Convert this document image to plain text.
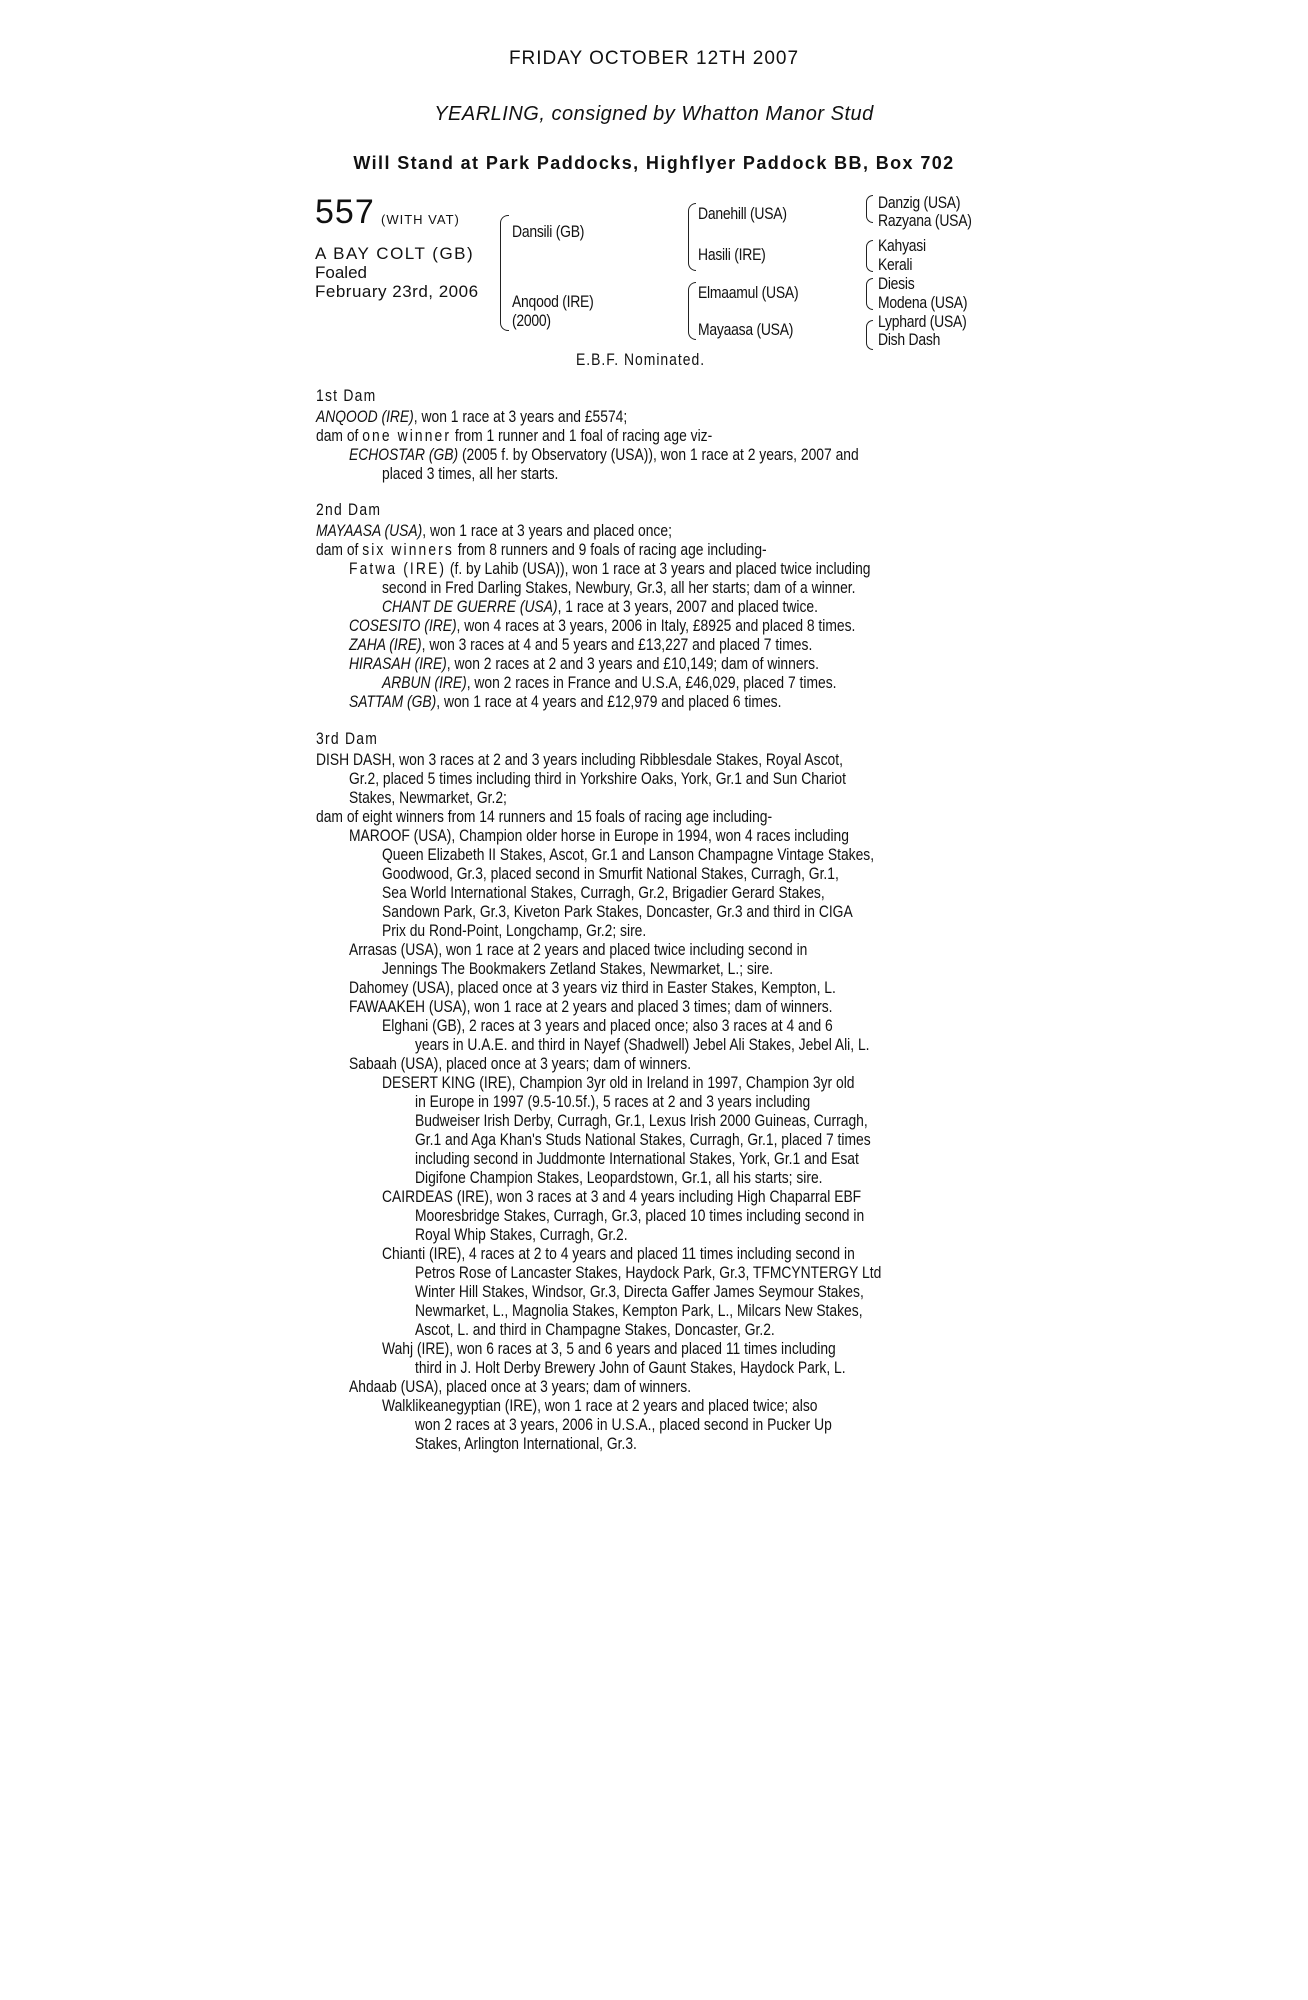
FRIDAY OCTOBER 12TH 2007
YEARLING, consigned by Whatton Manor Stud
Will Stand at Park Paddocks, Highflyer Paddock BB, Box 702
557 (WITH VAT)
A BAY COLT (GB)
Foaled
February 23rd, 2006
Dansili (GB)
Anqood (IRE)
(2000)
Danehill (USA)
Hasili (IRE)
Elmaamul (USA)
Mayaasa (USA)
Danzig (USA)
Razyana (USA)
Kahyasi
Kerali
Diesis
Modena (USA)
Lyphard (USA)
Dish Dash
E.B.F. Nominated.
1st Dam
ANQOOD (IRE), won 1 race at 3 years and £5574;
dam of one winner from 1 runner and 1 foal of racing age viz-
ECHOSTAR (GB) (2005 f. by Observatory (USA)), won 1 race at 2 years, 2007 and
placed 3 times, all her starts.
2nd Dam
MAYAASA (USA), won 1 race at 3 years and placed once;
dam of six winners from 8 runners and 9 foals of racing age including-
Fatwa (IRE) (f. by Lahib (USA)), won 1 race at 3 years and placed twice including
second in Fred Darling Stakes, Newbury, Gr.3, all her starts; dam of a winner.
CHANT DE GUERRE (USA), 1 race at 3 years, 2007 and placed twice.
COSESITO (IRE), won 4 races at 3 years, 2006 in Italy, £8925 and placed 8 times.
ZAHA (IRE), won 3 races at 4 and 5 years and £13,227 and placed 7 times.
HIRASAH (IRE), won 2 races at 2 and 3 years and £10,149; dam of winners.
ARBUN (IRE), won 2 races in France and U.S.A, £46,029, placed 7 times.
SATTAM (GB), won 1 race at 4 years and £12,979 and placed 6 times.
3rd Dam
DISH DASH, won 3 races at 2 and 3 years including Ribblesdale Stakes, Royal Ascot,
Gr.2, placed 5 times including third in Yorkshire Oaks, York, Gr.1 and Sun Chariot
Stakes, Newmarket, Gr.2;
dam of eight winners from 14 runners and 15 foals of racing age including-
MAROOF (USA), Champion older horse in Europe in 1994, won 4 races including
Queen Elizabeth II Stakes, Ascot, Gr.1 and Lanson Champagne Vintage Stakes,
Goodwood, Gr.3, placed second in Smurfit National Stakes, Curragh, Gr.1,
Sea World International Stakes, Curragh, Gr.2, Brigadier Gerard Stakes,
Sandown Park, Gr.3, Kiveton Park Stakes, Doncaster, Gr.3 and third in CIGA
Prix du Rond-Point, Longchamp, Gr.2; sire.
Arrasas (USA), won 1 race at 2 years and placed twice including second in
Jennings The Bookmakers Zetland Stakes, Newmarket, L.; sire.
Dahomey (USA), placed once at 3 years viz third in Easter Stakes, Kempton, L.
FAWAAKEH (USA), won 1 race at 2 years and placed 3 times; dam of winners.
Elghani (GB), 2 races at 3 years and placed once; also 3 races at 4 and 6
years in U.A.E. and third in Nayef (Shadwell) Jebel Ali Stakes, Jebel Ali, L.
Sabaah (USA), placed once at 3 years; dam of winners.
DESERT KING (IRE), Champion 3yr old in Ireland in 1997, Champion 3yr old
in Europe in 1997 (9.5-10.5f.), 5 races at 2 and 3 years including
Budweiser Irish Derby, Curragh, Gr.1, Lexus Irish 2000 Guineas, Curragh,
Gr.1 and Aga Khan's Studs National Stakes, Curragh, Gr.1, placed 7 times
including second in Juddmonte International Stakes, York, Gr.1 and Esat
Digifone Champion Stakes, Leopardstown, Gr.1, all his starts; sire.
CAIRDEAS (IRE), won 3 races at 3 and 4 years including High Chaparral EBF
Mooresbridge Stakes, Curragh, Gr.3, placed 10 times including second in
Royal Whip Stakes, Curragh, Gr.2.
Chianti (IRE), 4 races at 2 to 4 years and placed 11 times including second in
Petros Rose of Lancaster Stakes, Haydock Park, Gr.3, TFMCYNTERGY Ltd
Winter Hill Stakes, Windsor, Gr.3, Directa Gaffer James Seymour Stakes,
Newmarket, L., Magnolia Stakes, Kempton Park, L., Milcars New Stakes,
Ascot, L. and third in Champagne Stakes, Doncaster, Gr.2.
Wahj (IRE), won 6 races at 3, 5 and 6 years and placed 11 times including
third in J. Holt Derby Brewery John of Gaunt Stakes, Haydock Park, L.
Ahdaab (USA), placed once at 3 years; dam of winners.
Walklikeanegyptian (IRE), won 1 race at 2 years and placed twice; also
won 2 races at 3 years, 2006 in U.S.A., placed second in Pucker Up
Stakes, Arlington International, Gr.3.
